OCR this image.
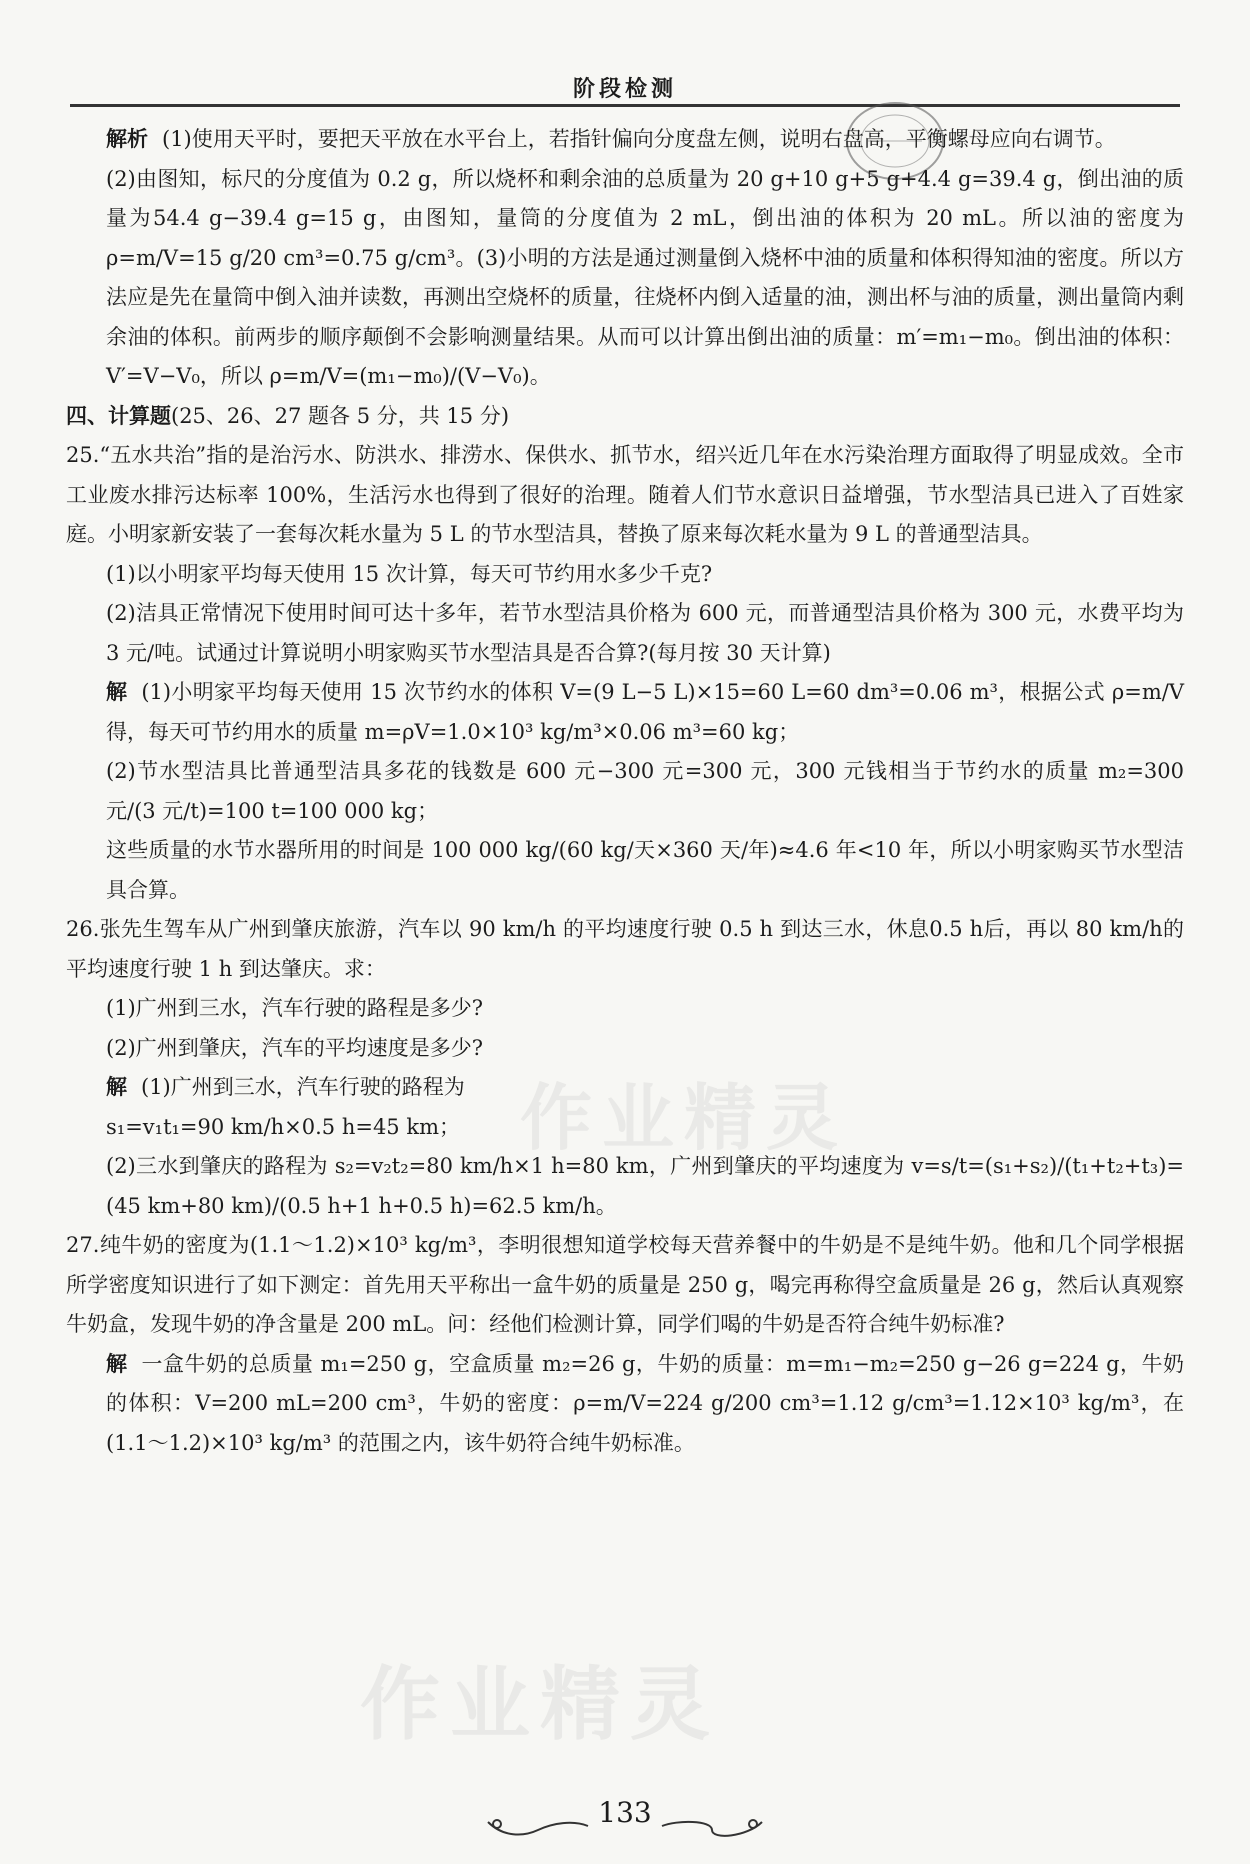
阶段检测
作业精灵
作业精灵

解析 (1)使用天平时，要把天平放在水平台上，若指针偏向分度盘左侧，说明右盘高，平衡螺母应向右调节。

(2)由图知，标尺的分度值为 0.2 g，所以烧杯和剩余油的总质量为 20 g+10 g+5 g+4.4 g=39.4 g，倒出油的质量为54.4 g−39.4 g=15 g，由图知，量筒的分度值为 2 mL，倒出油的体积为 20 mL。所以油的密度为 ρ=m/V=15 g/20 cm³=0.75 g/cm³。(3)小明的方法是通过测量倒入烧杯中油的质量和体积得知油的密度。所以方法应是先在量筒中倒入油并读数，再测出空烧杯的质量，往烧杯内倒入适量的油，测出杯与油的质量，测出量筒内剩余油的体积。前两步的顺序颠倒不会影响测量结果。从而可以计算出倒出油的质量：m′=m₁−m₀。倒出油的体积：V′=V−V₀，所以 ρ=m/V=(m₁−m₀)/(V−V₀)。

四、计算题(25、26、27 题各 5 分，共 15 分)

25.“五水共治”指的是治污水、防洪水、排涝水、保供水、抓节水，绍兴近几年在水污染治理方面取得了明显成效。全市工业废水排污达标率 100%，生活污水也得到了很好的治理。随着人们节水意识日益增强，节水型洁具已进入了百姓家庭。小明家新安装了一套每次耗水量为 5 L 的节水型洁具，替换了原来每次耗水量为 9 L 的普通型洁具。

(1)以小明家平均每天使用 15 次计算，每天可节约用水多少千克?

(2)洁具正常情况下使用时间可达十多年，若节水型洁具价格为 600 元，而普通型洁具价格为 300 元，水费平均为 3 元/吨。试通过计算说明小明家购买节水型洁具是否合算?(每月按 30 天计算)

解 (1)小明家平均每天使用 15 次节约水的体积 V=(9 L−5 L)×15=60 L=60 dm³=0.06 m³，根据公式 ρ=m/V 得，每天可节约用水的质量 m=ρV=1.0×10³ kg/m³×0.06 m³=60 kg；

(2)节水型洁具比普通型洁具多花的钱数是 600 元−300 元=300 元，300 元钱相当于节约水的质量 m₂=300 元/(3 元/t)=100 t=100 000 kg；

这些质量的水节水器所用的时间是 100 000 kg/(60 kg/天×360 天/年)≈4.6 年<10 年，所以小明家购买节水型洁具合算。

26.张先生驾车从广州到肇庆旅游，汽车以 90 km/h 的平均速度行驶 0.5 h 到达三水，休息0.5 h后，再以 80 km/h的平均速度行驶 1 h 到达肇庆。求：

(1)广州到三水，汽车行驶的路程是多少?

(2)广州到肇庆，汽车的平均速度是多少?

解 (1)广州到三水，汽车行驶的路程为

s₁=v₁t₁=90 km/h×0.5 h=45 km；

(2)三水到肇庆的路程为 s₂=v₂t₂=80 km/h×1 h=80 km，广州到肇庆的平均速度为 v=s/t=(s₁+s₂)/(t₁+t₂+t₃)=(45 km+80 km)/(0.5 h+1 h+0.5 h)=62.5 km/h。

27.纯牛奶的密度为(1.1～1.2)×10³ kg/m³，李明很想知道学校每天营养餐中的牛奶是不是纯牛奶。他和几个同学根据所学密度知识进行了如下测定：首先用天平称出一盒牛奶的质量是 250 g，喝完再称得空盒质量是 26 g，然后认真观察牛奶盒，发现牛奶的净含量是 200 mL。问：经他们检测计算，同学们喝的牛奶是否符合纯牛奶标准?

解 一盒牛奶的总质量 m₁=250 g，空盒质量 m₂=26 g，牛奶的质量：m=m₁−m₂=250 g−26 g=224 g，牛奶的体积：V=200 mL=200 cm³，牛奶的密度：ρ=m/V=224 g/200 cm³=1.12 g/cm³=1.12×10³ kg/m³，在(1.1～1.2)×10³ kg/m³ 的范围之内，该牛奶符合纯牛奶标准。

133
